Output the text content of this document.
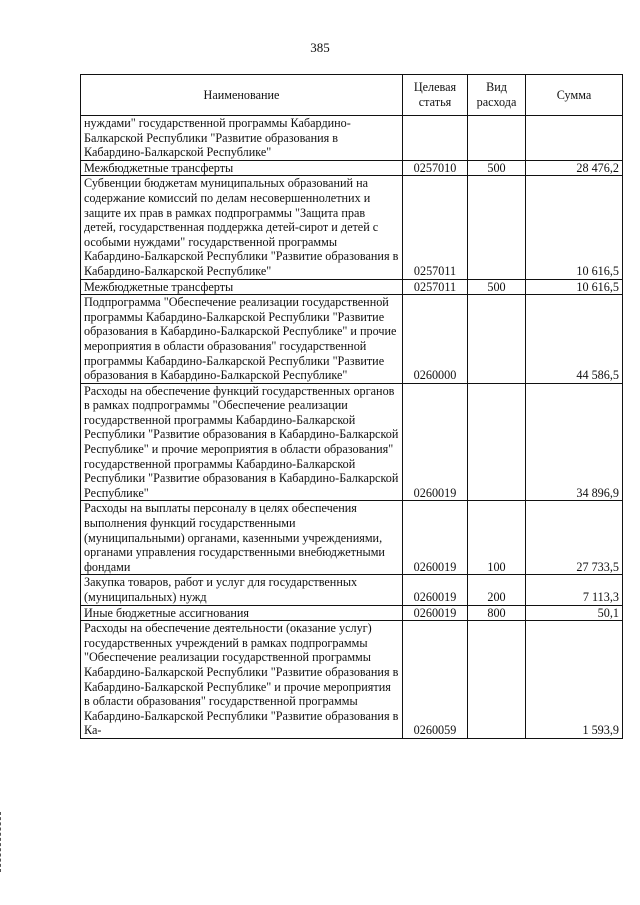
385
Наименование	Целевая статья	Вид расхода	Сумма
нуждами" государственной программы Кабардино-Балкарской Республики "Развитие образования в Кабардино-Балкарской Республике"			
Межбюджетные трансферты	0257010	500	28 476,2
Субвенции бюджетам муниципальных образований на содержание комиссий по делам несовершеннолетних и защите их прав в рамках подпрограммы "Защита прав детей, государственная поддержка детей-сирот и детей с особыми нуждами" государственной программы Кабардино-Балкарской Республики "Развитие образования в Кабардино-Балкарской Республике"	0257011		10 616,5
Межбюджетные трансферты	0257011	500	10 616,5
Подпрограмма "Обеспечение реализации государственной программы Кабардино-Балкарской Республики "Развитие образования в Кабардино-Балкарской Республике" и прочие мероприятия в области образования" государственной программы Кабардино-Балкарской Республики "Развитие образования в Кабардино-Балкарской Республике"	0260000		44 586,5
Расходы на обеспечение функций государственных органов в рамках подпрограммы "Обеспечение реализации государственной программы Кабардино-Балкарской Республики "Развитие образования в Кабардино-Балкарской Республике" и прочие мероприятия в области образования" государственной программы Кабардино-Балкарской Республики "Развитие образования в Кабардино-Балкарской Республике"	0260019		34 896,9
Расходы на выплаты персоналу в целях обеспечения выполнения функций государственными (муниципальными) органами, казенными учреждениями, органами управления государственными внебюджетными фондами	0260019	100	27 733,5
Закупка товаров, работ и услуг для государственных (муниципальных) нужд	0260019	200	7 113,3
Иные бюджетные ассигнования	0260019	800	50,1
Расходы на обеспечение деятельности (оказание услуг) государственных учреждений в рамках подпрограммы "Обеспечение реализации государственной программы Кабардино-Балкарской Республики "Развитие образования в Кабардино-Балкарской Республике" и прочие мероприятия в области образования" государственной программы Кабардино-Балкарской Республики "Развитие образования в Ка-	0260059		1 593,9
